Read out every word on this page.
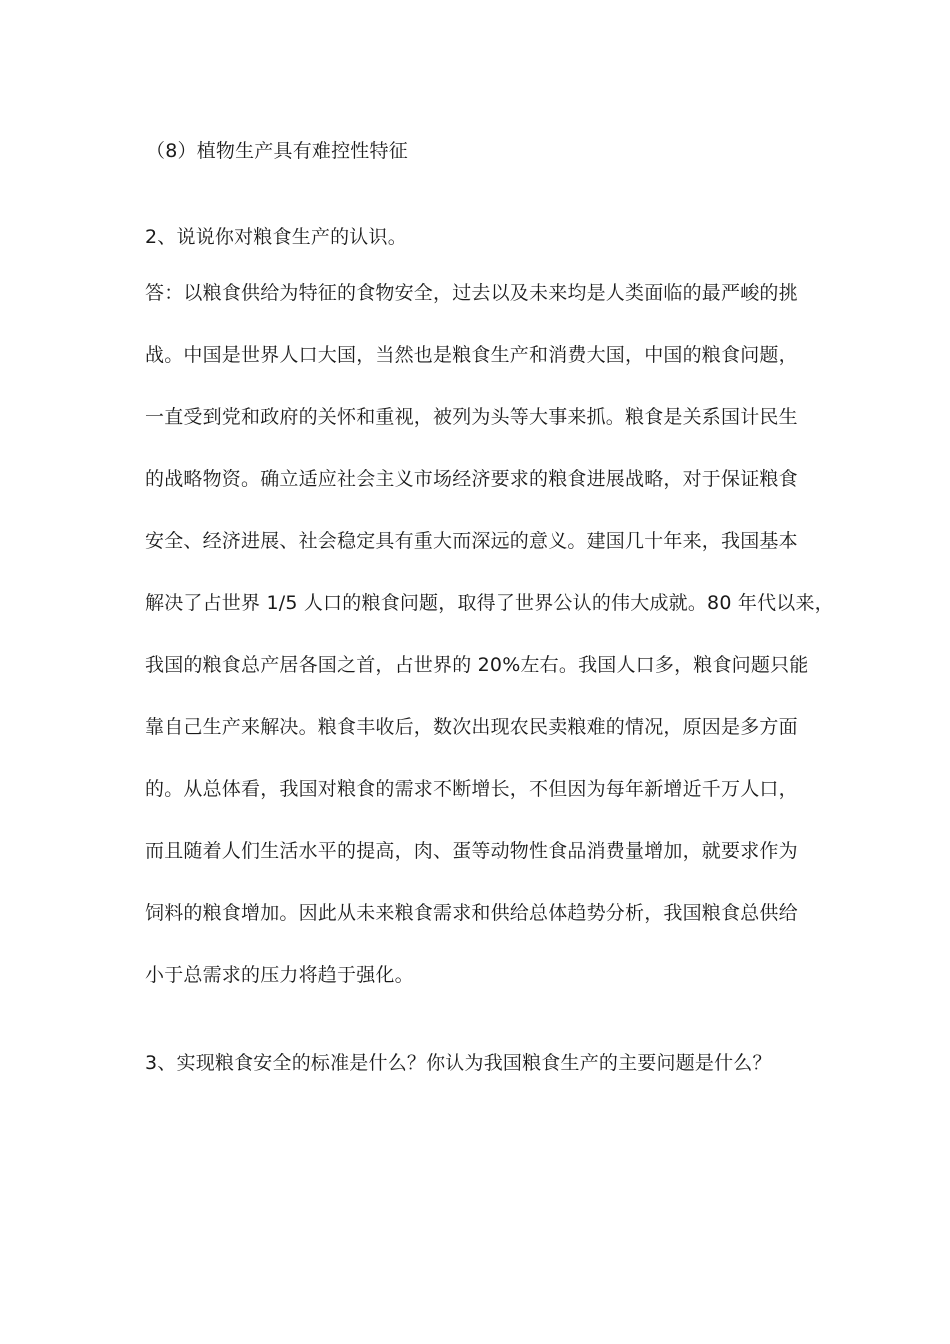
（8）植物生产具有难控性特征
2、说说你对粮食生产的认识。
答：以粮食供给为特征的食物安全，过去以及未来均是人类面临的最严峻的挑
战。中国是世界人口大国，当然也是粮食生产和消费大国，中国的粮食问题，
一直受到党和政府的关怀和重视，被列为头等大事来抓。粮食是关系国计民生
的战略物资。确立适应社会主义市场经济要求的粮食进展战略，对于保证粮食
安全、经济进展、社会稳定具有重大而深远的意义。建国几十年来，我国基本
解决了占世界 1/5 人口的粮食问题，取得了世界公认的伟大成就。80 年代以来，
我国的粮食总产居各国之首，占世界的 20%左右。我国人口多，粮食问题只能
靠自己生产来解决。粮食丰收后，数次出现农民卖粮难的情况，原因是多方面
的。从总体看，我国对粮食的需求不断增长，不但因为每年新增近千万人口，
而且随着人们生活水平的提高，肉、蛋等动物性食品消费量增加，就要求作为
饲料的粮食增加。因此从未来粮食需求和供给总体趋势分析，我国粮食总供给
小于总需求的压力将趋于强化。
3、实现粮食安全的标准是什么？你认为我国粮食生产的主要问题是什么？
